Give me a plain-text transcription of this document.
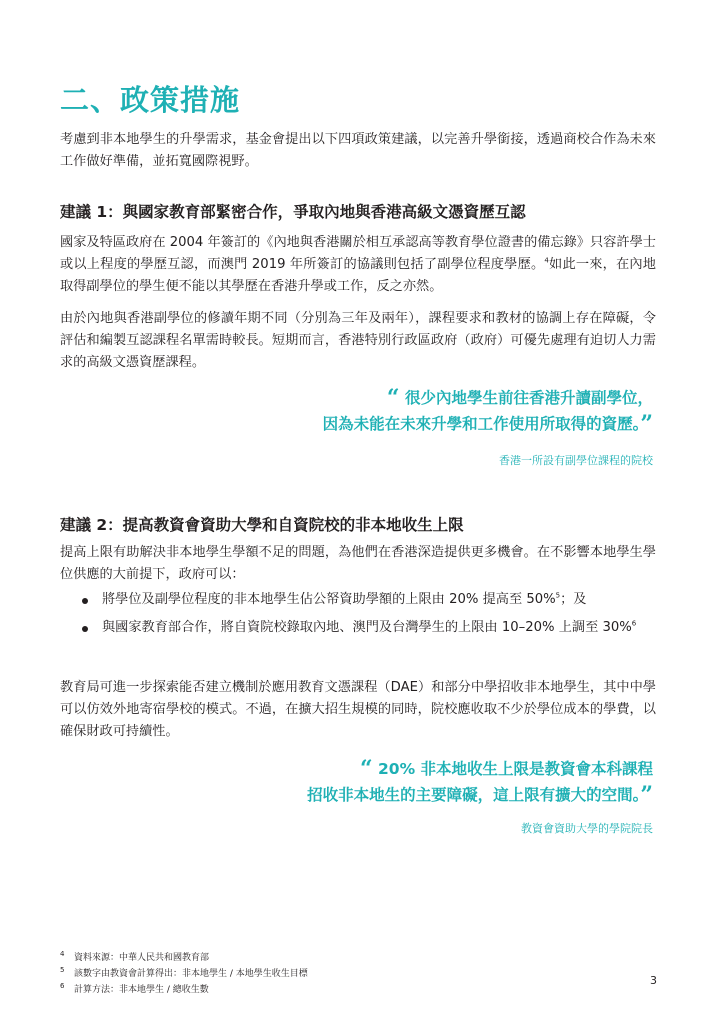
二、政策措施

考慮到非本地學生的升學需求，基金會提出以下四項政策建議，以完善升學銜接，透過商校合作為未來工作做好準備，並拓寬國際視野。

建議 1：與國家教育部緊密合作，爭取內地與香港高級文憑資歷互認

國家及特區政府在 2004 年簽訂的《內地與香港關於相互承認高等教育學位證書的備忘錄》只容許學士或以上程度的學歷互認，而澳門 2019 年所簽訂的協議則包括了副學位程度學歷。$^4$如此一來，在內地取得副學位的學生便不能以其學歷在香港升學或工作，反之亦然。

由於內地與香港副學位的修讀年期不同（分別為三年及兩年），課程要求和教材的協調上存在障礙，令評估和編製互認課程名單需時較長。短期而言，香港特別行政區政府（政府）可優先處理有迫切人力需求的高級文憑資歷課程。

“ 很少內地學生前往香港升讀副學位，
因為未能在未來升學和工作使用所取得的資歷。”

香港一所設有副學位課程的院校

建議 2：提高教資會資助大學和自資院校的非本地收生上限

提高上限有助解決非本地學生學額不足的問題，為他們在香港深造提供更多機會。在不影響本地學生學位供應的大前提下，政府可以：

將學位及副學位程度的非本地學生佔公帑資助學額的上限由 20% 提高至 50%$^5$；及
與國家教育部合作，將自資院校錄取內地、澳門及台灣學生的上限由 10–20% 上調至 30%$^6$

教育局可進一步探索能否建立機制於應用教育文憑課程（DAE）和部分中學招收非本地學生，其中中學可以仿效外地寄宿學校的模式。不過，在擴大招生規模的同時，院校應收取不少於學位成本的學費，以確保財政可持續性。

“ 20% 非本地收生上限是教資會本科課程
招收非本地生的主要障礙，這上限有擴大的空間。”

教資會資助大學的學院院長

4 資料來源：中華人民共和國教育部
5 該數字由教資會計算得出：非本地學生 / 本地學生收生目標
6 計算方法：非本地學生 / 總收生數

3
